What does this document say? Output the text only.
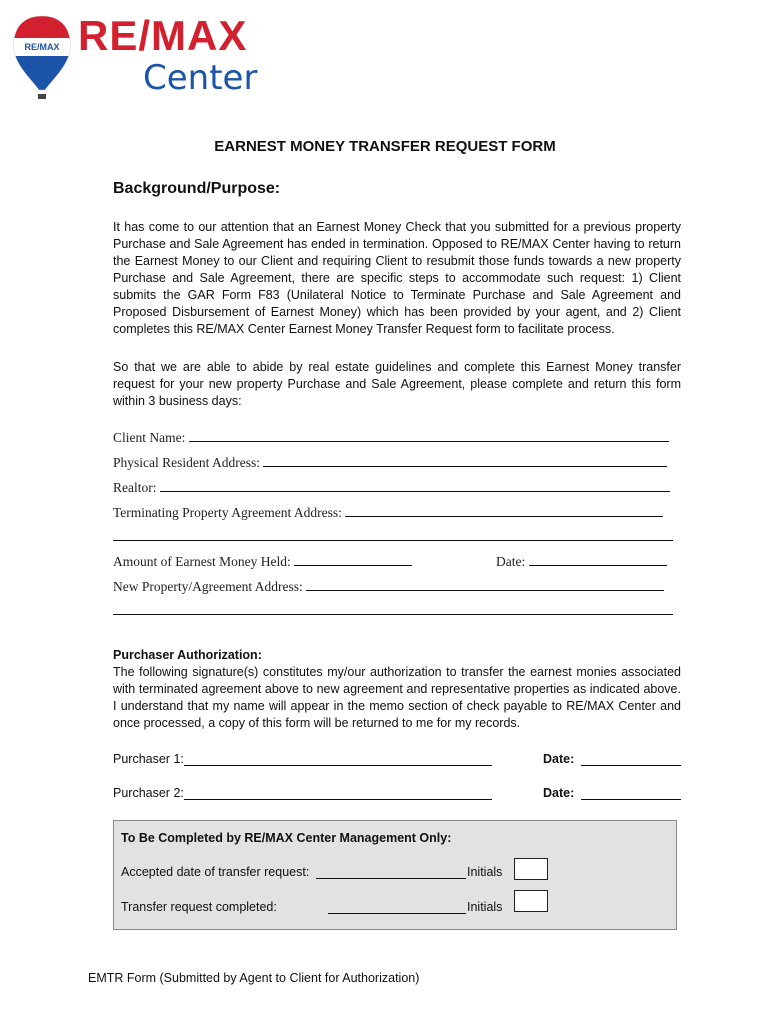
RE/MAX RE/MAX
Center
EARNEST MONEY TRANSFER REQUEST FORM
Background/Purpose:
It has come to our attention that an Earnest Money Check that you submitted for a previous property Purchase and Sale Agreement has ended in termination. Opposed to RE/MAX Center having to return the Earnest Money to our Client and requiring Client to resubmit those funds towards a new property Purchase and Sale Agreement, there are specific steps to accommodate such request: 1) Client submits the GAR Form F83 (Unilateral Notice to Terminate Purchase and Sale Agreement and Proposed Disbursement of Earnest Money) which has been provided by your agent, and 2) Client completes this RE/MAX Center Earnest Money Transfer Request form to facilitate process.
So that we are able to abide by real estate guidelines and complete this Earnest Money transfer request for your new property Purchase and Sale Agreement, please complete and return this form within 3 business days:
Client Name:
Physical Resident Address:
Realtor:
Terminating Property Agreement Address:
Amount of Earnest Money Held:	Date:
New Property/Agreement Address:
Purchaser Authorization:
The following signature(s) constitutes my/our authorization to transfer the earnest monies associated with terminated agreement above to new agreement and representative properties as indicated above. I understand that my name will appear in the memo section of check payable to RE/MAX Center and once processed, a copy of this form will be returned to me for my records.
Purchaser 1:	Date:
Purchaser 2:	Date:
To Be Completed by RE/MAX Center Management Only:
Accepted date of transfer request:	Initials
Transfer request completed:	Initials
EMTR Form (Submitted by Agent to Client for Authorization)
